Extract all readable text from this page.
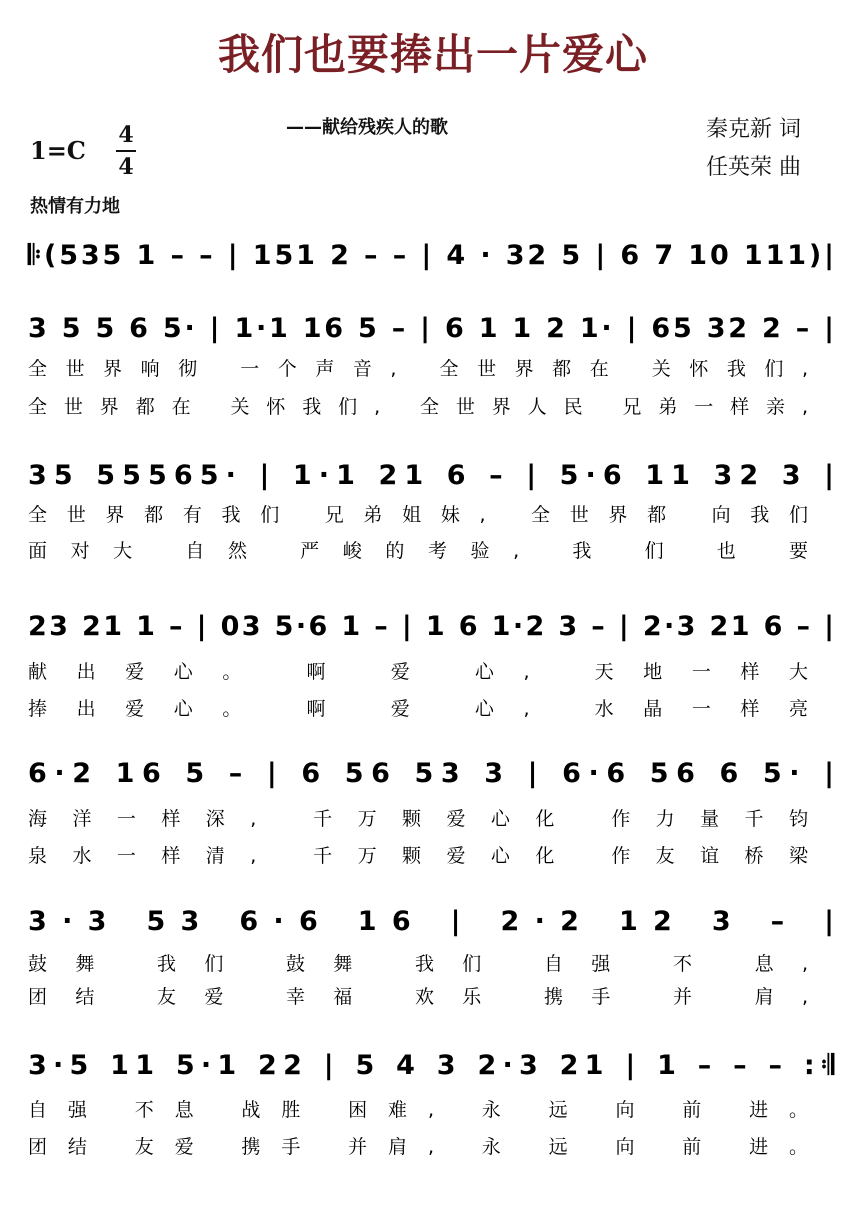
我们也要捧出一片爱心
——献给残疾人的歌	秦克新 词
任英荣 曲
1=C
4
4
热情有力地
𝄆(535 1 – – | 151 2 – – | 4 · 32 5 | 6 7 10 111)|
3 5 5 6 5· | 1·1 16 5 – | 6 1 1 2 1· | 65 32 2 – |
全世界响彻 一个声音, 全世界都在 关怀我们,
全世界都在 关怀我们, 全世界人民 兄弟一样亲,
35 55565· | 1·1 21 6 – | 5·6 11 32 3 |
全世界都有我们 兄弟姐妹, 全世界都 向我们
面对大 自然 严峻的考验, 我 们 也 要
23 21 1 – | 03 5·6 1 – | 1 6 1·2 3 – | 2·3 21 6 – |
献出爱心。 啊 爱 心, 天地一样大
捧出爱心。 啊 爱 心, 水晶一样亮
6·2 16 5 – | 6 56 53 3 | 6·6 56 6 5· |
海洋一样深, 千万颗爱心化 作力量千钧
泉水一样清, 千万颗爱心化 作友谊桥梁
3·3 53 6·6 16 | 2·2 12 3 – |
鼓舞 我们 鼓舞 我们 自强 不 息,
团结 友爱 幸福 欢乐 携手 并 肩,
3·5 11 5·1 22 | 5 4 3 2·3 21 | 1 – – – :𝄇
自强 不息 战胜 困难, 永 远 向 前 进。
团结 友爱 携手 并肩, 永 远 向 前 进。
